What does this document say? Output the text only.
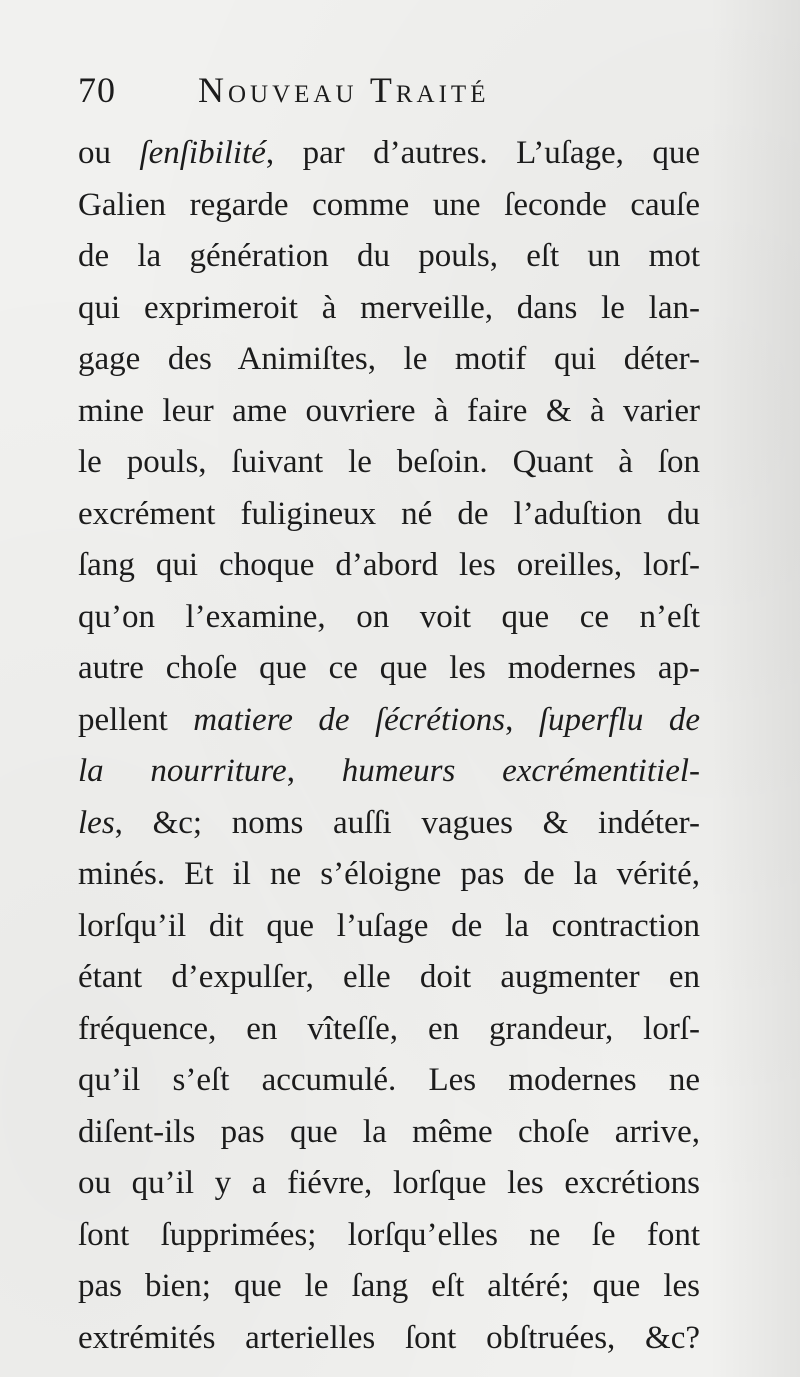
70 Nouveau Traité
ou ſenſibilité, par d’autres. L’uſage, que
Galien regarde comme une ſeconde cauſe
de la génération du pouls, eſt un mot
qui exprimeroit à merveille, dans le lan-
gage des Animiſtes, le motif qui déter-
mine leur ame ouvriere à faire & à varier
le pouls, ſuivant le beſoin. Quant à ſon
excrément fuligineux né de l’aduſtion du
ſang qui choque d’abord les oreilles, lorſ-
qu’on l’examine, on voit que ce n’eſt
autre choſe que ce que les modernes ap-
pellent matiere de ſécrétions, ſuperflu de
la nourriture, humeurs excrémentitiel-
les, &c; noms auſſi vagues & indéter-
minés. Et il ne s’éloigne pas de la vérité,
lorſqu’il dit que l’uſage de la contraction
étant d’expulſer, elle doit augmenter en
fréquence, en vîteſſe, en grandeur, lorſ-
qu’il s’eſt accumulé. Les modernes ne
diſent-ils pas que la même choſe arrive,
ou qu’il y a fiévre, lorſque les excrétions
ſont ſupprimées; lorſqu’elles ne ſe font
pas bien; que le ſang eſt altéré; que les
extrémités arterielles ſont obſtruées, &c?
